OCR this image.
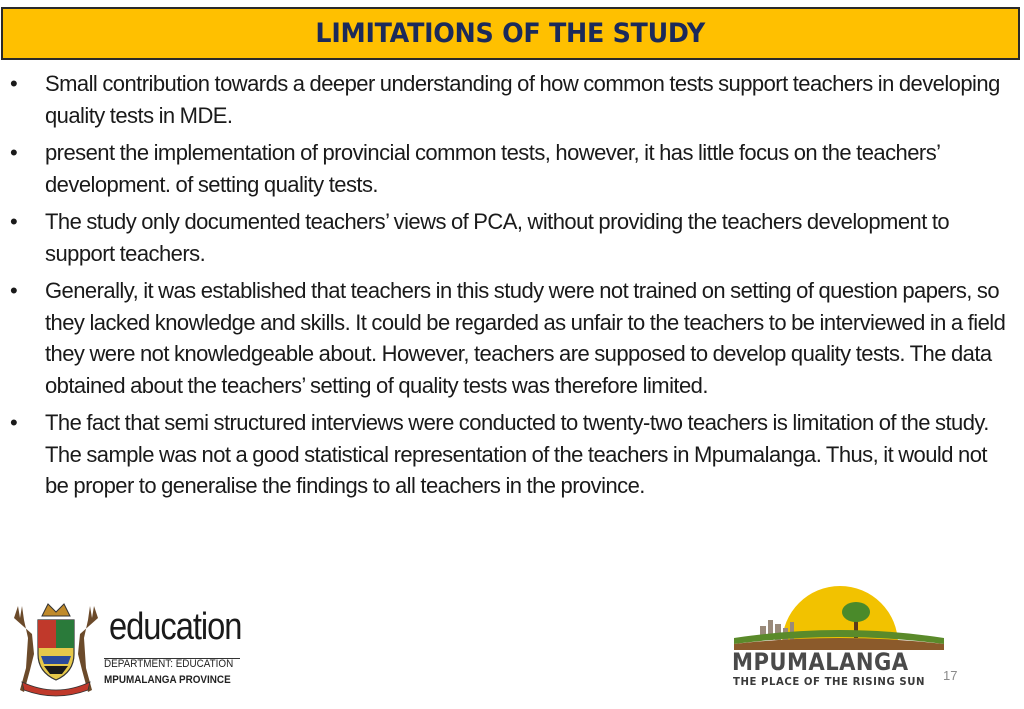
LIMITATIONS OF THE STUDY
• Small contribution towards a deeper understanding of how common tests support teachers in developing quality tests in MDE.
• present the implementation of provincial common tests, however, it has little focus on the teachers’ development. of setting quality tests.
• The study only documented teachers’ views of PCA, without providing the teachers development to support teachers.
• Generally, it was established that teachers in this study were not trained on setting of question papers, so they lacked knowledge and skills. It could be regarded as unfair to the teachers to be interviewed in a field they were not knowledgeable about. However, teachers are supposed to develop quality tests. The data obtained about the teachers’ setting of quality tests was therefore limited.
• The fact that semi structured interviews were conducted to twenty-two teachers is limitation of the study. The sample was not a good statistical representation of the teachers in Mpumalanga. Thus, it would not be proper to generalise the findings to all teachers in the province.
education
DEPARTMENT: EDUCATION
MPUMALANGA PROVINCE
MPUMALANGA
THE PLACE OF THE RISING SUN 17
